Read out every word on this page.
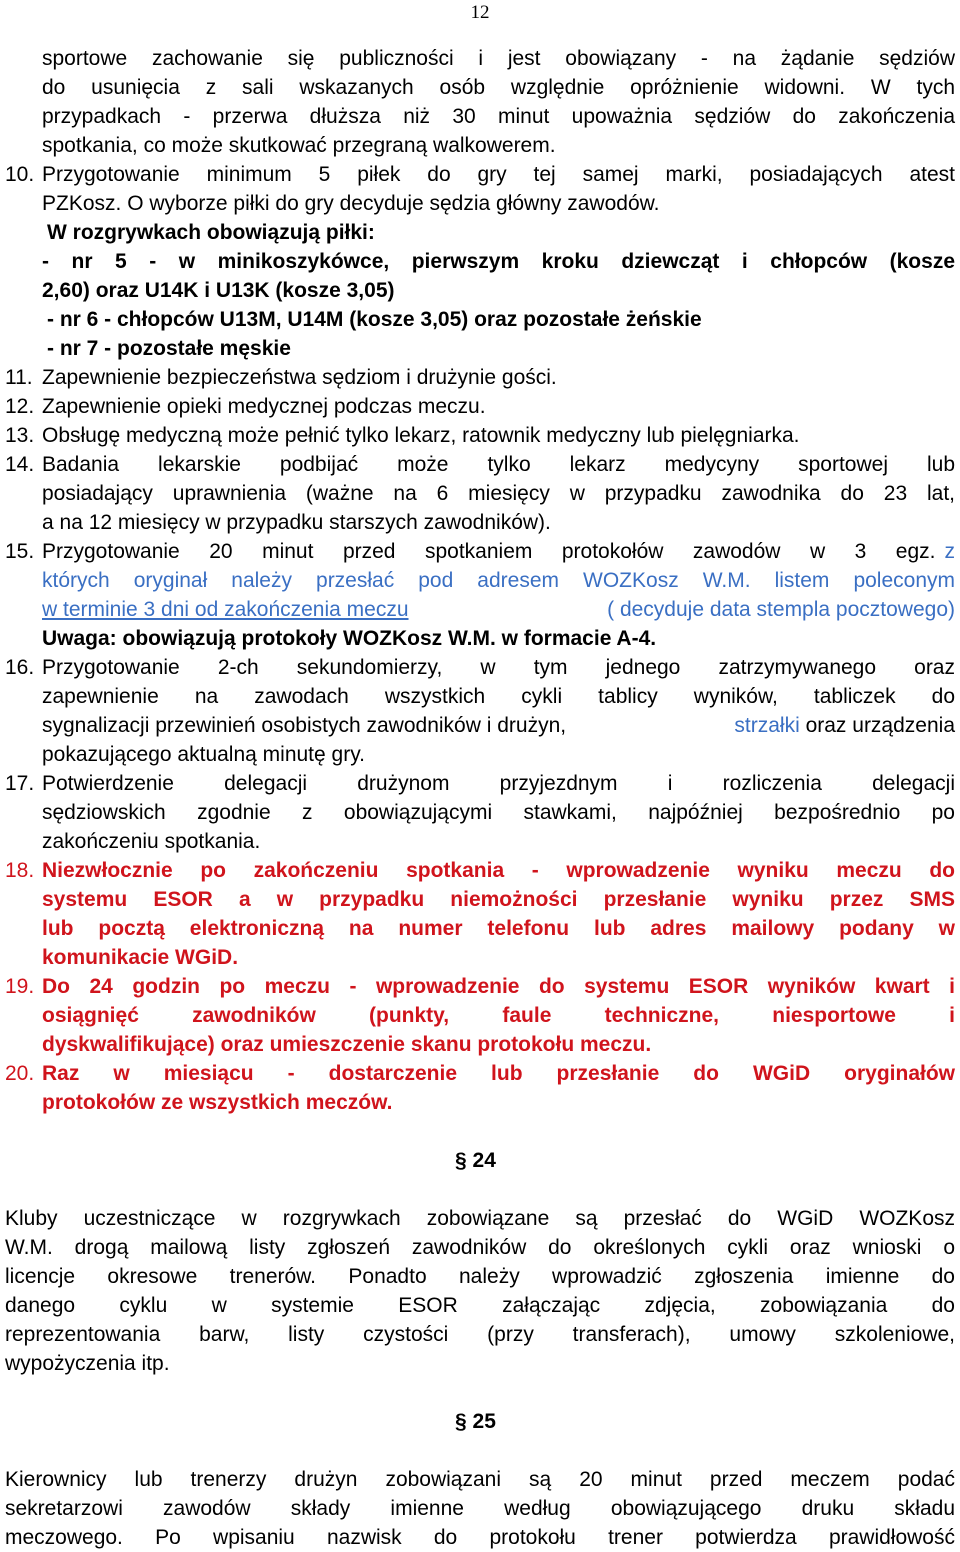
12
sportowe zachowanie się publiczności i jest obowiązany - na żądanie sędziów
do usunięcia z sali wskazanych osób względnie opróżnienie widowni. W tych
przypadkach - przerwa dłuższa niż 30 minut upoważnia sędziów do zakończenia
spotkania, co może skutkować przegraną walkowerem.
10. Przygotowanie minimum 5 piłek do gry tej samej marki, posiadających atest
PZKosz. O wyborze piłki do gry decyduje sędzia główny zawodów.
W rozgrywkach obowiązują piłki:
- nr 5 - w minikoszykówce, pierwszym kroku dziewcząt i chłopców (kosze
2,60) oraz U14K i U13K (kosze 3,05)
- nr 6 - chłopców U13M, U14M (kosze 3,05) oraz pozostałe żeńskie
- nr 7 - pozostałe męskie
11. Zapewnienie bezpieczeństwa sędziom i drużynie gości.
12. Zapewnienie opieki medycznej podczas meczu.
13. Obsługę medyczną może pełnić tylko lekarz, ratownik medyczny lub pielęgniarka.
14. Badania lekarskie podbijać może tylko lekarz medycyny sportowej lub
posiadający uprawnienia (ważne na 6 miesięcy w przypadku zawodnika do 23 lat,
a na 12 miesięcy w przypadku starszych zawodników).
15. Przygotowanie 20 minut przed spotkaniem protokołów zawodów w 3 egz. z
których oryginał należy przesłać pod adresem WOZKosz W.M. listem poleconym
w terminie 3 dni od zakończenia meczu	( decyduje data stempla pocztowego)
Uwaga: obowiązują protokoły WOZKosz W.M. w formacie A-4.
16. Przygotowanie 2-ch sekundomierzy, w tym jednego zatrzymywanego oraz
zapewnienie na zawodach wszystkich cykli tablicy wyników, tabliczek do
sygnalizacji przewinień osobistych zawodników i drużyn,	strzałki oraz urządzenia
pokazującego aktualną minutę gry.
17. Potwierdzenie delegacji drużynom przyjezdnym i rozliczenia delegacji
sędziowskich zgodnie z obowiązującymi stawkami, najpóźniej bezpośrednio po
zakończeniu spotkania.
18. Niezwłocznie po zakończeniu spotkania - wprowadzenie wyniku meczu do
systemu ESOR a w przypadku niemożności przesłanie wyniku przez SMS
lub pocztą elektroniczną na numer telefonu lub adres mailowy podany w
komunikacie WGiD.
19. Do 24 godzin po meczu - wprowadzenie do systemu ESOR wyników kwart i
osiągnięć zawodników (punkty, faule techniczne, niesportowe i
dyskwalifikujące) oraz umieszczenie skanu protokołu meczu.
20. Raz w miesiącu - dostarczenie lub przesłanie do WGiD oryginałów
protokołów ze wszystkich meczów.
§ 24
Kluby uczestniczące w rozgrywkach zobowiązane są przesłać do WGiD WOZKosz
W.M. drogą mailową listy zgłoszeń zawodników do określonych cykli oraz wnioski o
licencje okresowe trenerów. Ponadto należy wprowadzić zgłoszenia imienne do
danego cyklu w systemie ESOR załączając zdjęcia, zobowiązania do
reprezentowania barw, listy czystości (przy transferach), umowy szkoleniowe,
wypożyczenia itp.
§ 25
Kierownicy lub trenerzy drużyn zobowiązani są 20 minut przed meczem podać
sekretarzowi zawodów składy imienne według obowiązującego druku składu
meczowego. Po wpisaniu nazwisk do protokołu trener potwierdza prawidłowość
